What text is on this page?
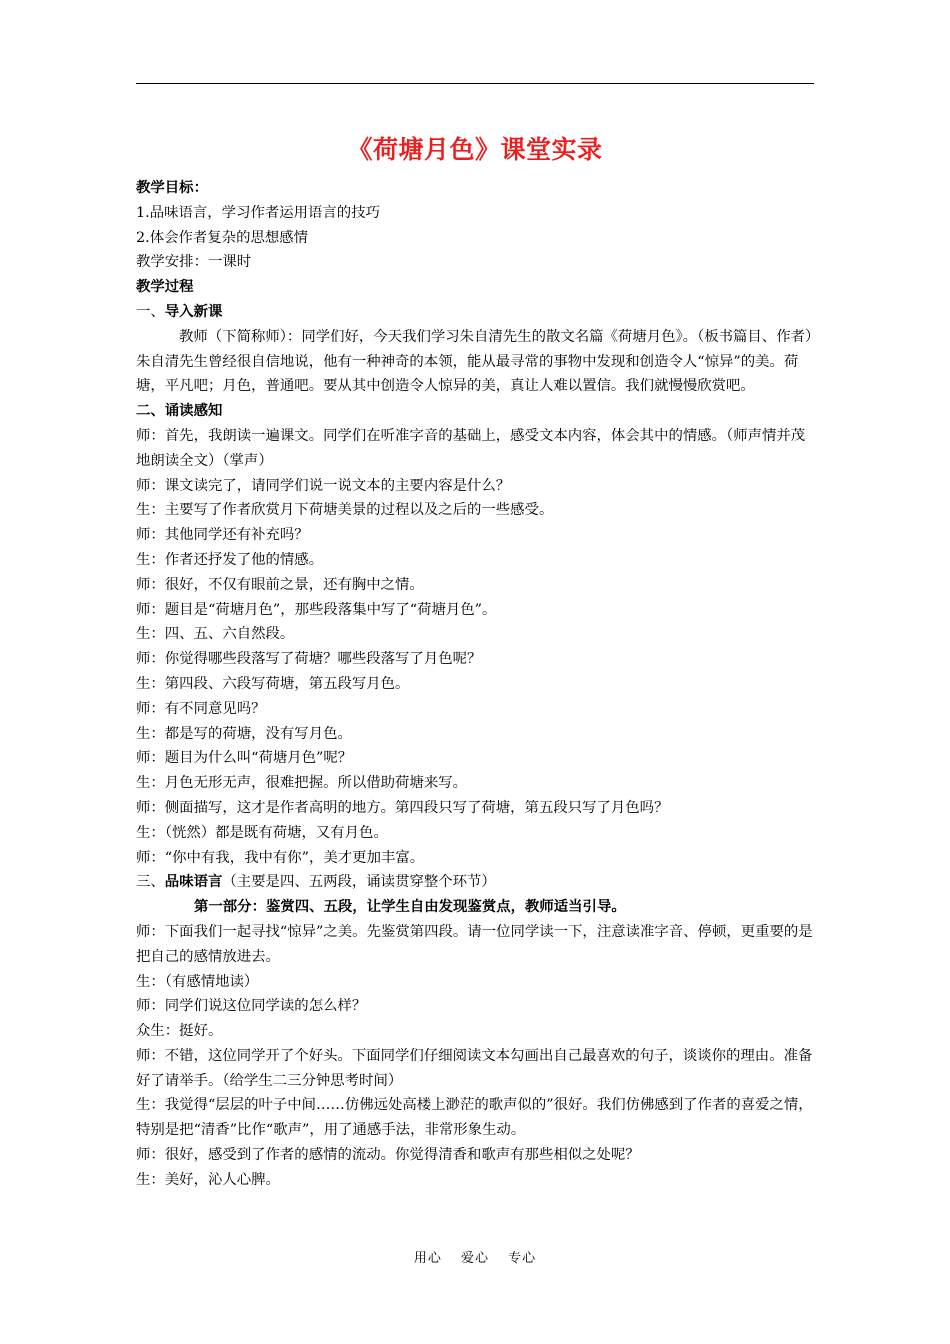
《荷塘月色》课堂实录

教学目标：

1.品味语言，学习作者运用语言的技巧

2.体会作者复杂的思想感情

教学安排：一课时

教学过程

一、导入新课

教师（下简称师）：同学们好，今天我们学习朱自清先生的散文名篇《荷塘月色》。（板书篇目、作者）朱自清先生曾经很自信地说，他有一种神奇的本领，能从最寻常的事物中发现和创造令人“惊异”的美。荷塘，平凡吧；月色，普通吧。要从其中创造令人惊异的美，真让人难以置信。我们就慢慢欣赏吧。

二、诵读感知

师：首先，我朗读一遍课文。同学们在听准字音的基础上，感受文本内容，体会其中的情感。（师声情并茂地朗读全文）（掌声）

师：课文读完了，请同学们说一说文本的主要内容是什么？

生：主要写了作者欣赏月下荷塘美景的过程以及之后的一些感受。

师：其他同学还有补充吗？

生：作者还抒发了他的情感。

师：很好，不仅有眼前之景，还有胸中之情。

师：题目是“荷塘月色”，那些段落集中写了“荷塘月色”。

生：四、五、六自然段。

师：你觉得哪些段落写了荷塘？哪些段落写了月色呢？

生：第四段、六段写荷塘，第五段写月色。

师：有不同意见吗？

生：都是写的荷塘，没有写月色。

师：题目为什么叫“荷塘月色”呢？

生：月色无形无声，很难把握。所以借助荷塘来写。

师：侧面描写，这才是作者高明的地方。第四段只写了荷塘，第五段只写了月色吗？

生：（恍然）都是既有荷塘，又有月色。

师：“你中有我，我中有你”，美才更加丰富。

三、品味语言（主要是四、五两段，诵读贯穿整个环节）

第一部分：鉴赏四、五段，让学生自由发现鉴赏点，教师适当引导。

师：下面我们一起寻找“惊异”之美。先鉴赏第四段。请一位同学读一下，注意读准字音、停顿，更重要的是把自己的感情放进去。

生：（有感情地读）

师：同学们说这位同学读的怎么样？

众生：挺好。

师：不错，这位同学开了个好头。下面同学们仔细阅读文本勾画出自己最喜欢的句子，谈谈你的理由。准备好了请举手。（给学生二三分钟思考时间）

生：我觉得“层层的叶子中间……仿佛远处高楼上渺茫的歌声似的”很好。我们仿佛感到了作者的喜爱之情，特别是把“清香”比作“歌声”，用了通感手法，非常形象生动。

师：很好，感受到了作者的感情的流动。你觉得清香和歌声有那些相似之处呢？

生：美好，沁人心脾。

用心 爱心 专心
